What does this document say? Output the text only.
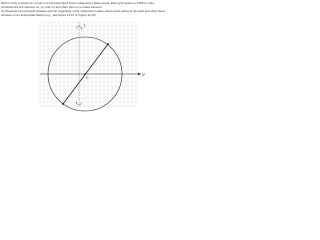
Mohr's circle is shown for a point in a physical object that is subjected to plane stress. Each grid square is 4 MPa in size.

(a) Determine the stresses σx, σy, and τxy and show them on a stress element.

(b) Determine the principal stresses and the magnitude of the maximum in-plane shear stress acting at the point and show these

stresses on an appropriate sketch (e.g., see Figure 12.15 or Figure 12.16).

σ
C
τ
